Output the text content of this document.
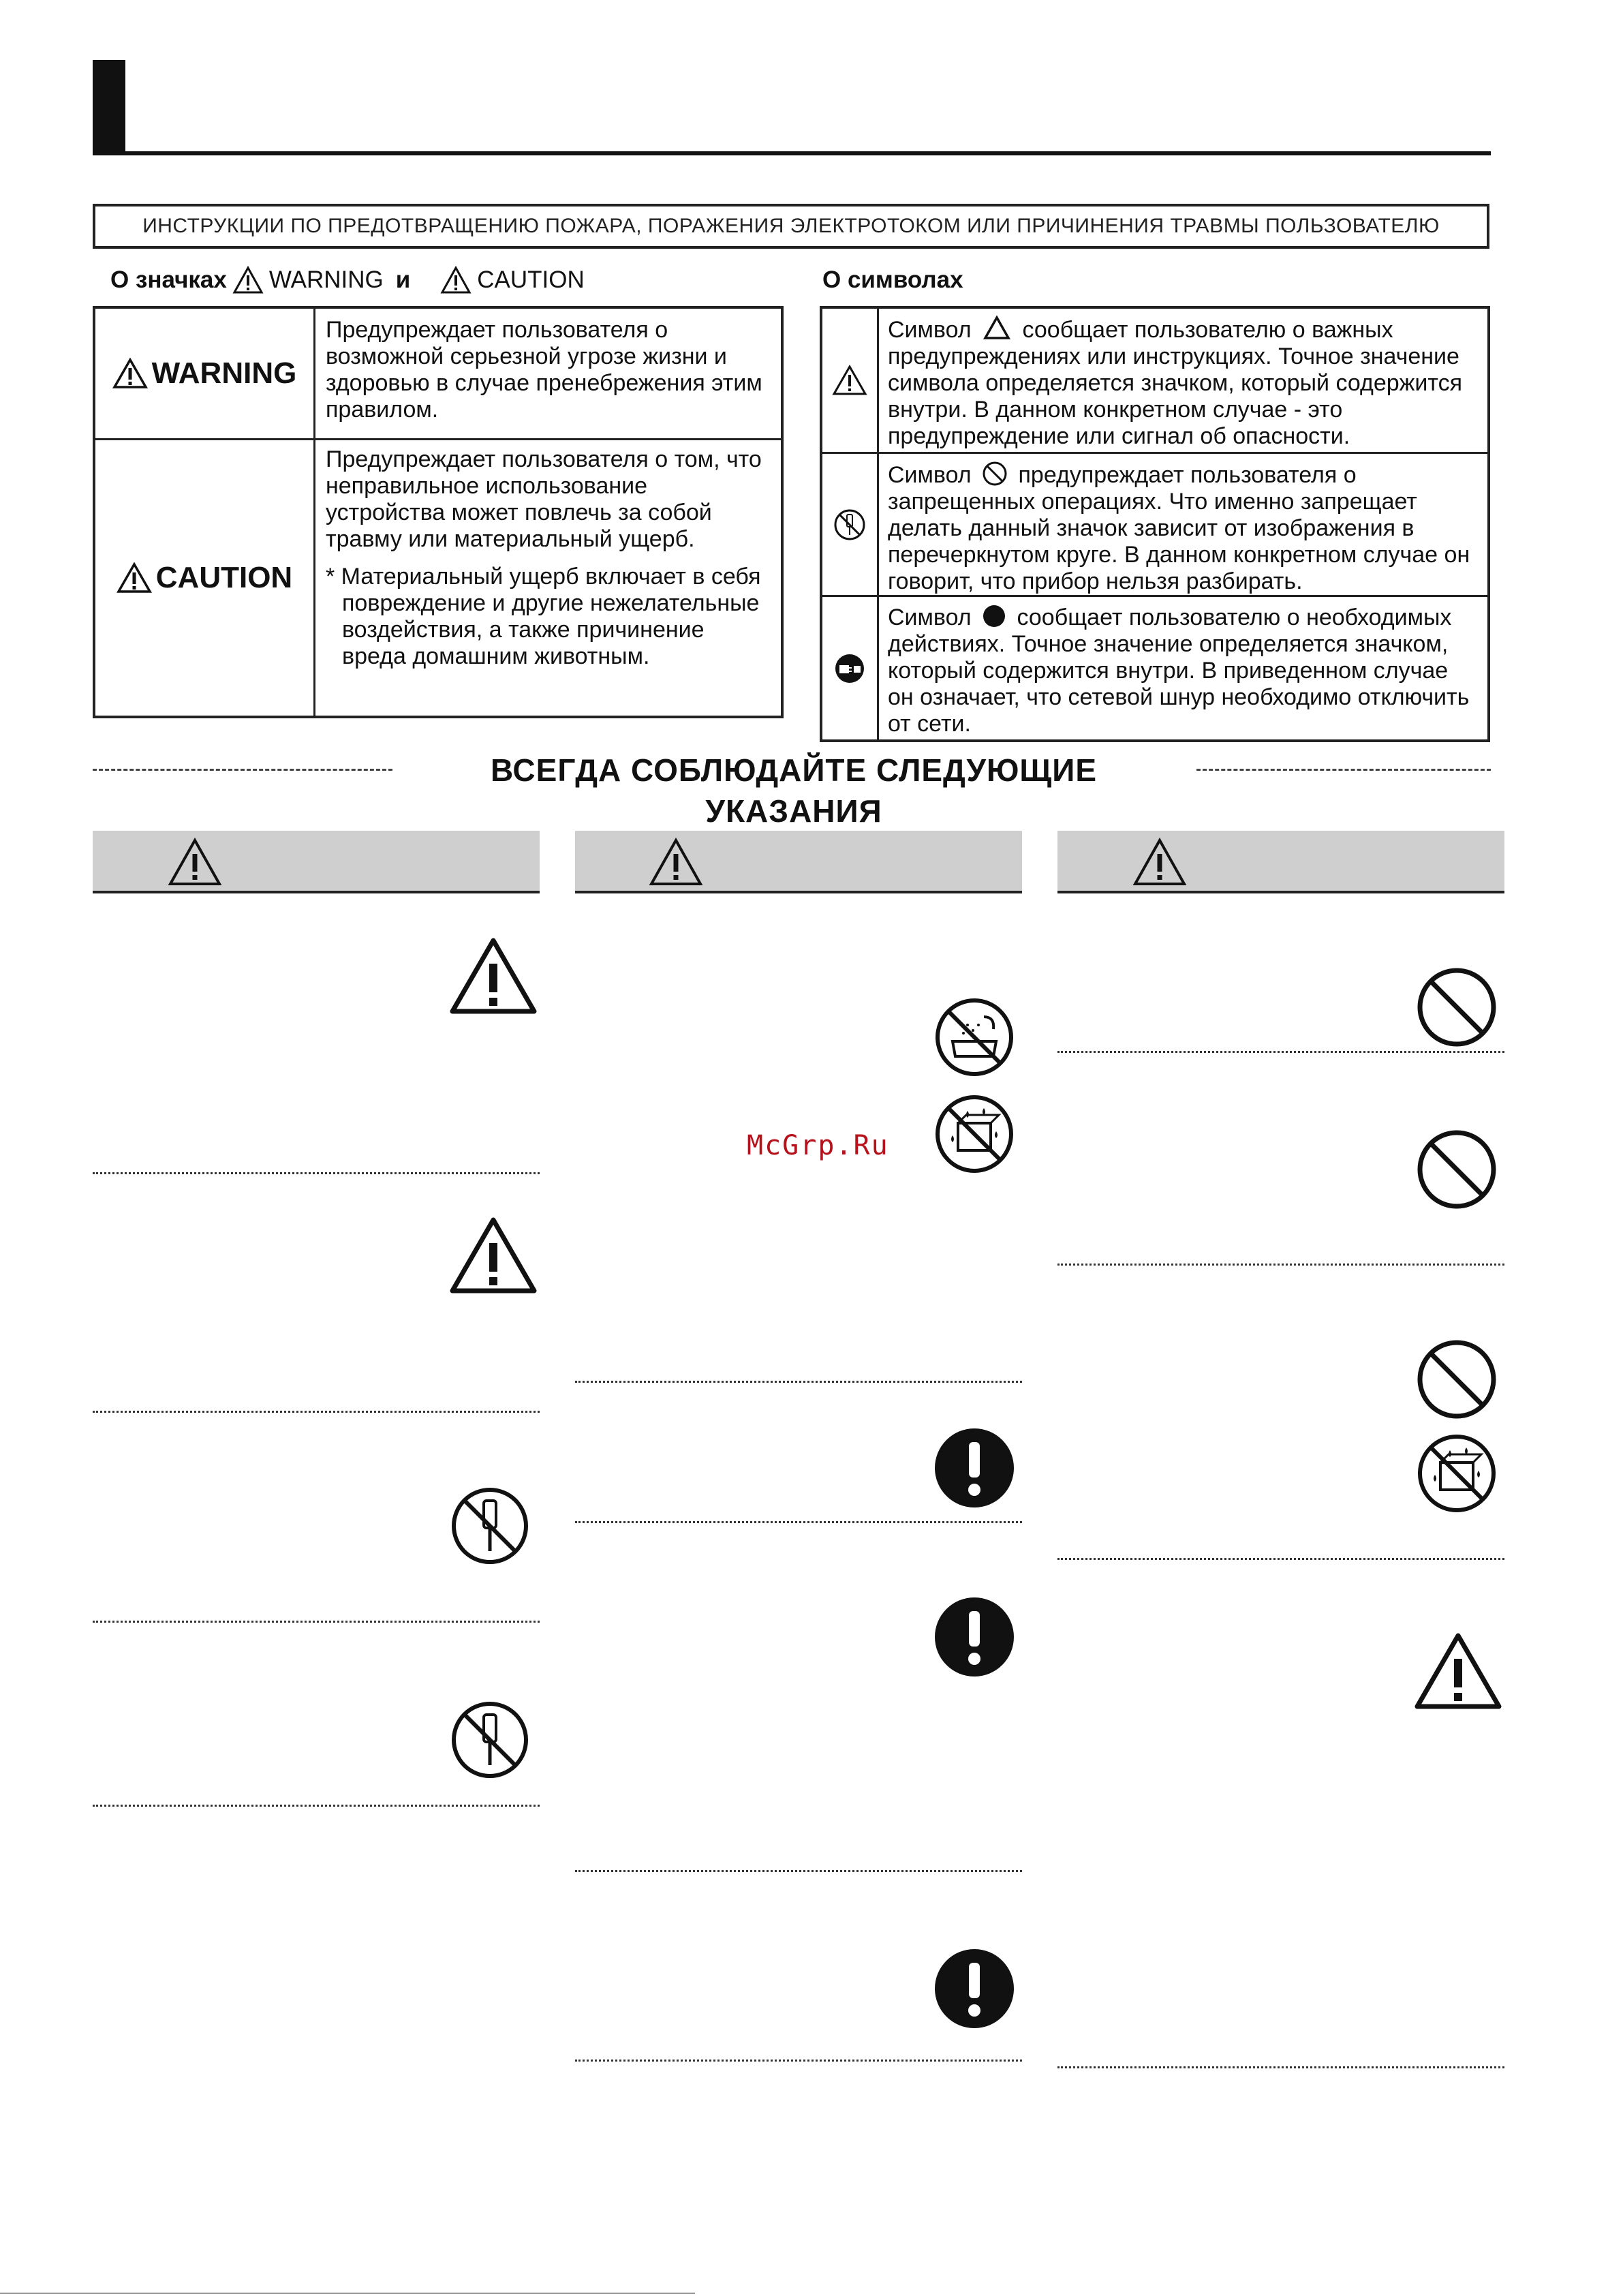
ИНСТРУКЦИИ ПО ПРЕДОТВРАЩЕНИЮ ПОЖАРА, ПОРАЖЕНИЯ ЭЛЕКТРОТОКОМ ИЛИ ПРИЧИНЕНИЯ ТРАВМЫ ПОЛЬЗОВАТЕЛЮ
О значках WARNING и	CAUTION	О символах
WARNING
Предупреждает пользователя о возможной серьезной угрозе жизни и здоровью в случае пренебрежения этим правилом.
CAUTION
Предупреждает пользователя о том, что неправильное использование устройства может повлечь за собой травму или материальный ущерб.
* Материальный ущерб включает в себя повреждение и другие нежелательные воздействия, а также причинение вреда домашним животным.
Символ сообщает пользователю о важных предупреждениях или инструкциях. Точное значение символа определяется значком, который содержится внутри. В данном конкретном случае - это предупреждение или сигнал об опасности.
Символ предупреждает пользователя о запрещенных операциях. Что именно запрещает делать данный значок зависит от изображения в перечеркнутом круге. В данном конкретном случае он говорит, что прибор нельзя разбирать.
Символ сообщает пользователю о необходимых действиях. Точное значение определяется значком, который содержится внутри. В приведенном случае он означает, что сетевой шнур необходимо отключить от сети.
ВСЕГДА СОБЛЮДАЙТЕ СЛЕДУЮЩИЕ УКАЗАНИЯ
McGrp.Ru
